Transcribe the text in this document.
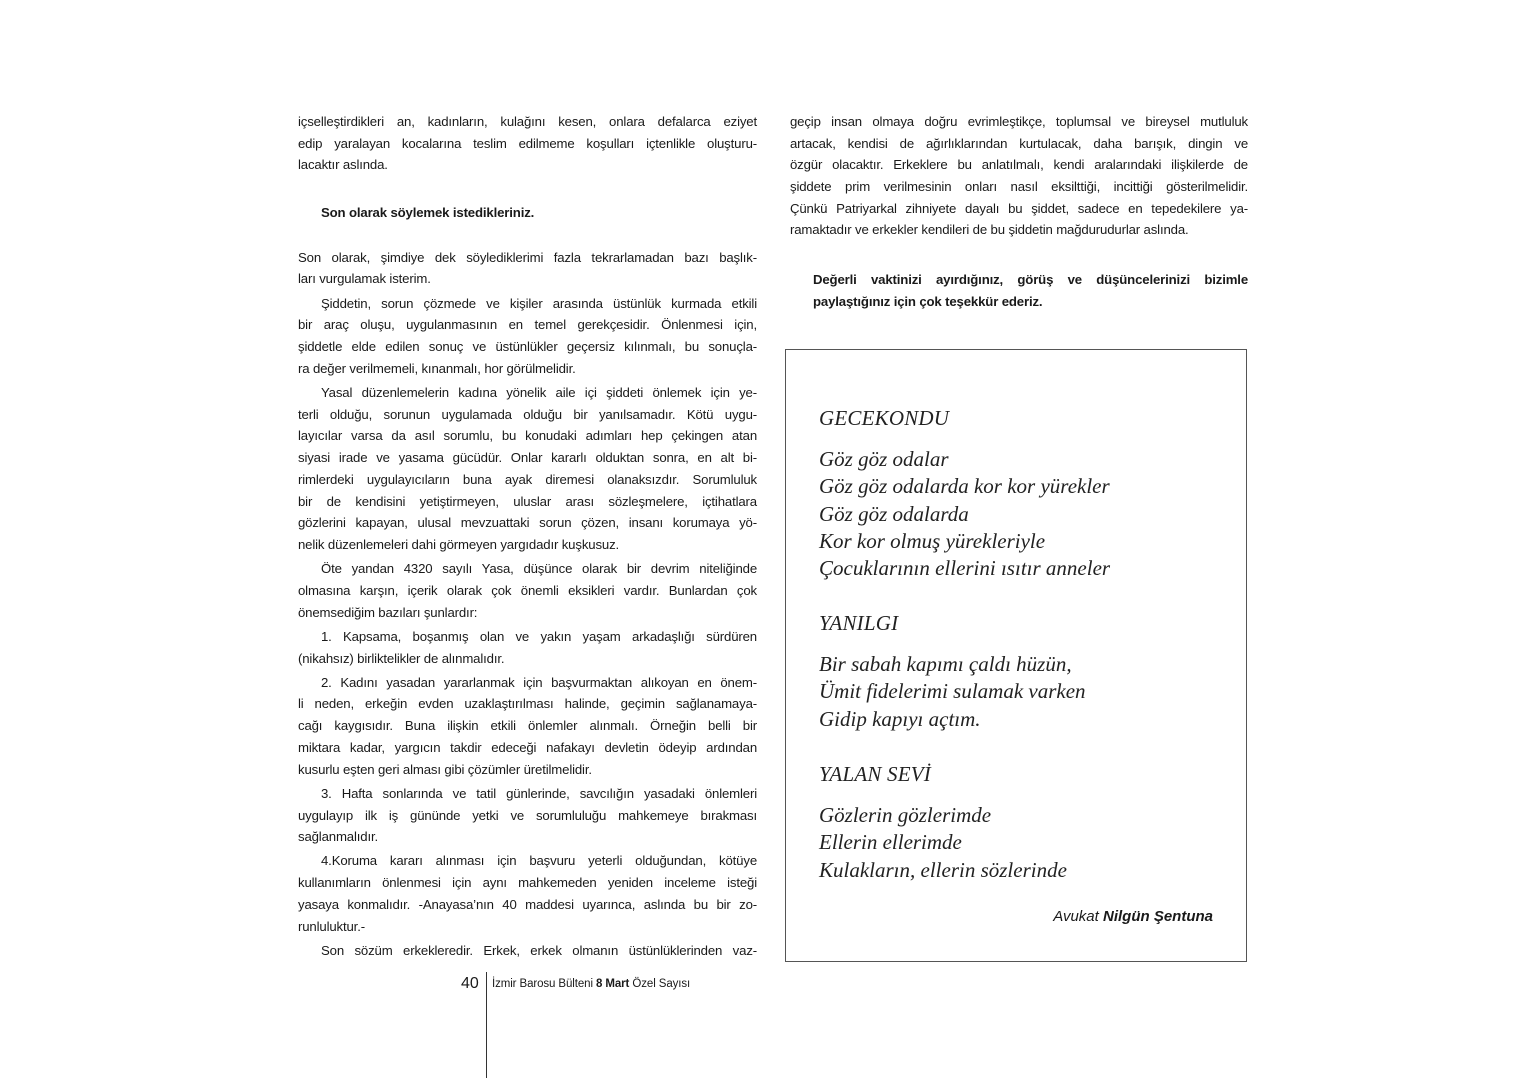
içselleştirdikleri an, kadınların, kulağını kesen, onlara defalarca eziyet
edip yaralayan kocalarına teslim edilmeme koşulları içtenlikle oluşturu-
lacaktır aslında.
Son olarak söylemek istedikleriniz.
Son olarak, şimdiye dek söylediklerimi fazla tekrarlamadan bazı başlık-
ları vurgulamak isterim.
Şiddetin, sorun çözmede ve kişiler arasında üstünlük kurmada etkili
bir araç oluşu, uygulanmasının en temel gerekçesidir. Önlenmesi için,
şiddetle elde edilen sonuç ve üstünlükler geçersiz kılınmalı, bu sonuçla-
ra değer verilmemeli, kınanmalı, hor görülmelidir.
Yasal düzenlemelerin kadına yönelik aile içi şiddeti önlemek için ye-
terli olduğu, sorunun uygulamada olduğu bir yanılsamadır. Kötü uygu-
layıcılar varsa da asıl sorumlu, bu konudaki adımları hep çekingen atan
siyasi irade ve yasama gücüdür. Onlar kararlı olduktan sonra, en alt bi-
rimlerdeki uygulayıcıların buna ayak diremesi olanaksızdır. Sorumluluk
bir de kendisini yetiştirmeyen, uluslar arası sözleşmelere, içtihatlara
gözlerini kapayan, ulusal mevzuattaki sorun çözen, insanı korumaya yö-
nelik düzenlemeleri dahi görmeyen yargıdadır kuşkusuz.
Öte yandan 4320 sayılı Yasa, düşünce olarak bir devrim niteliğinde
olmasına karşın, içerik olarak çok önemli eksikleri vardır. Bunlardan çok
önemsediğim bazıları şunlardır:
1. Kapsama, boşanmış olan ve yakın yaşam arkadaşlığı sürdüren
(nikahsız) birliktelikler de alınmalıdır.
2. Kadını yasadan yararlanmak için başvurmaktan alıkoyan en önem-
li neden, erkeğin evden uzaklaştırılması halinde, geçimin sağlanamaya-
cağı kaygısıdır. Buna ilişkin etkili önlemler alınmalı. Örneğin belli bir
miktara kadar, yargıcın takdir edeceği nafakayı devletin ödeyip ardından
kusurlu eşten geri alması gibi çözümler üretilmelidir.
3. Hafta sonlarında ve tatil günlerinde, savcılığın yasadaki önlemleri
uygulayıp ilk iş gününde yetki ve sorumluluğu mahkemeye bırakması
sağlanmalıdır.
4.Koruma kararı alınması için başvuru yeterli olduğundan, kötüye
kullanımların önlenmesi için aynı mahkemeden yeniden inceleme isteği
yasaya konmalıdır. -Anayasa’nın 40 maddesi uyarınca, aslında bu bir zo-
runluluktur.-
Son sözüm erkekleredir. Erkek, erkek olmanın üstünlüklerinden vaz-
geçip insan olmaya doğru evrimleştikçe, toplumsal ve bireysel mutluluk
artacak, kendisi de ağırlıklarından kurtulacak, daha barışık, dingin ve
özgür olacaktır. Erkeklere bu anlatılmalı, kendi aralarındaki ilişkilerde de
şiddete prim verilmesinin onları nasıl eksilttiği, incittiği gösterilmelidir.
Çünkü Patriyarkal zihniyete dayalı bu şiddet, sadece en tepedekilere ya-
ramaktadır ve erkekler kendileri de bu şiddetin mağdurudurlar aslında.
Değerli vaktinizi ayırdığınız, görüş ve düşüncelerinizi bizimle
paylaştığınız için çok teşekkür ederiz.
GECEKONDU
Göz göz odalar
Göz göz odalarda kor kor yürekler
Göz göz odalarda
Kor kor olmuş yürekleriyle
Çocuklarının ellerini ısıtır anneler
YANILGI
Bir sabah kapımı çaldı hüzün,
Ümit fidelerimi sulamak varken
Gidip kapıyı açtım.
YALAN SEVİ
Gözlerin gözlerimde
Ellerin ellerimde
Kulakların, ellerin sözlerinde
Avukat Nilgün Şentuna
40 İzmir Barosu Bülteni 8 Mart Özel Sayısı
